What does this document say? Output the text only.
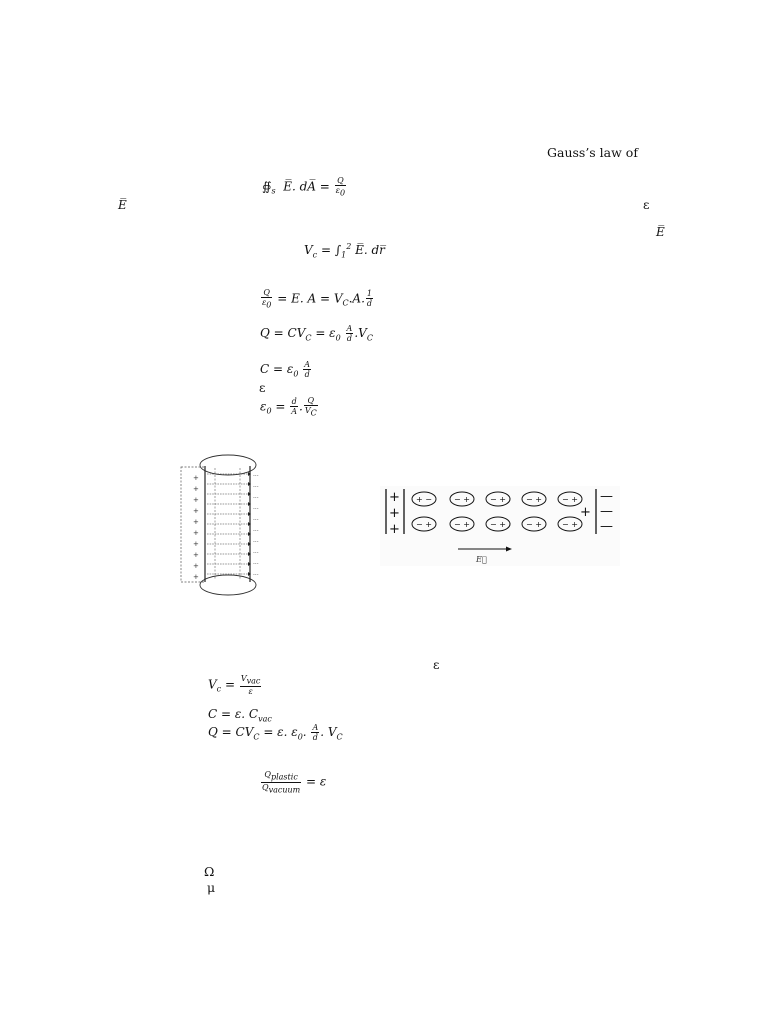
Gauss’s law of
$∯_s$ E̅. dA̅ = $\frac{Q}{\varepsilon_0}$
E̅	ε
E̅
$V_c = \int_1^2$ E̅. dr̅
$\frac{Q}{\varepsilon_0} = E$. $A = V_C.A$. $\frac{1}{d}$
$Q = CV_C = \varepsilon_0 \frac{A}{d} .V_C$
$C = \varepsilon_0 \frac{A}{d}$
ε
$\varepsilon_0 = \frac{d}{A}$ . $\frac{Q}{V_C}$
+
+
+
+
+
+
+
+
+
+
···
···
···
···
···
···
···
···
···
···
+
+
+
+
—
—
—
+ −	− +	− +	− +	− +
− +	− +	− +	− +	− +
E⃗
ε
$V_c = \frac{V_{vac}}{\varepsilon}$
C = ε. $C_{vac}$
$Q = CV_C = \varepsilon$. $\varepsilon_0$. $\frac{A}{d}$ . $V_C$
$\frac{Q_{plastic}}{Q_{vacuum}} = \varepsilon$
Ω
μ
